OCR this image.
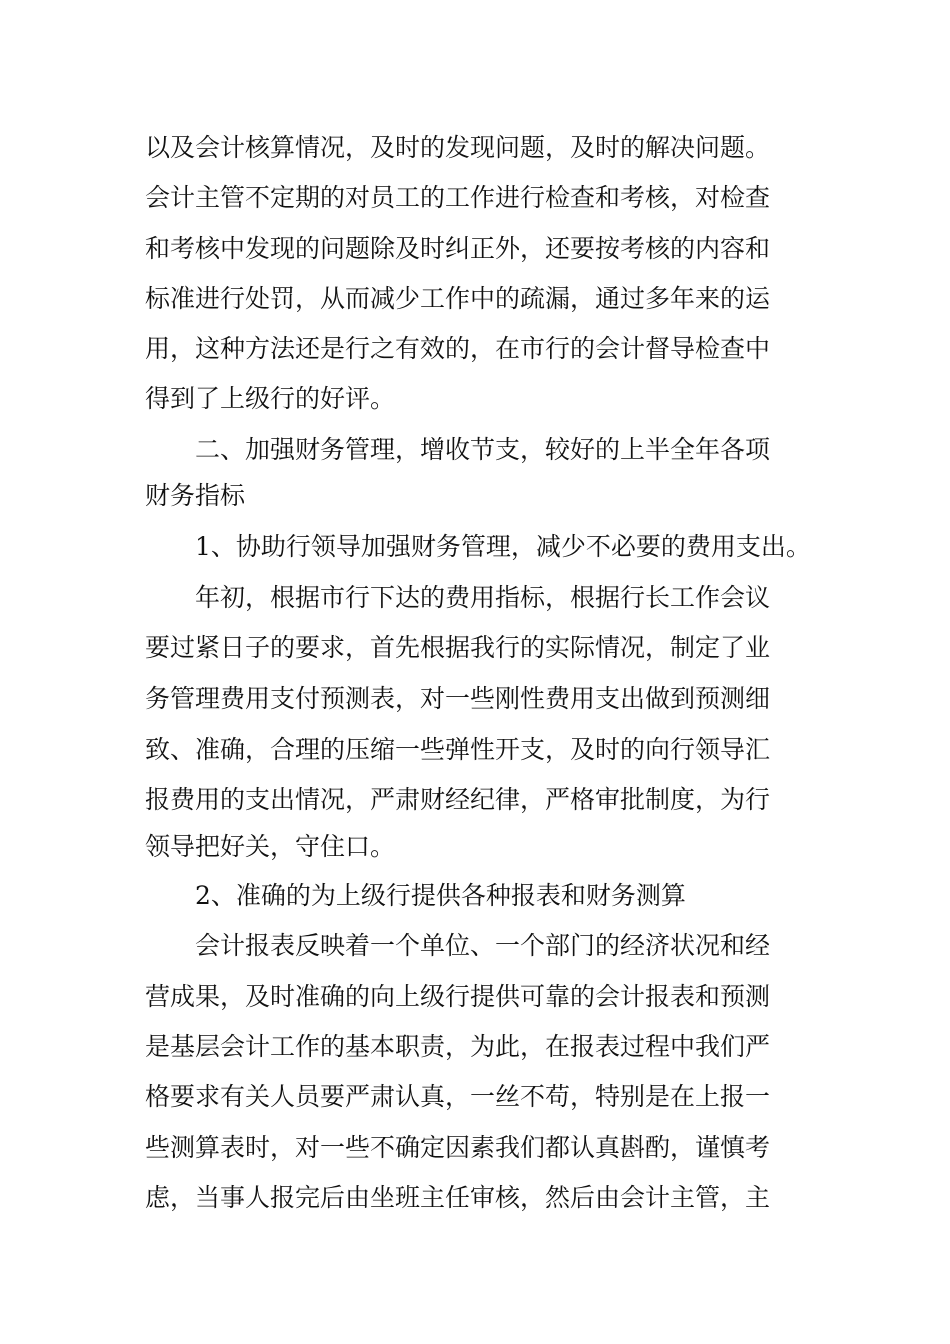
以及会计核算情况，及时的发现问题，及时的解决问题。
会计主管不定期的对员工的工作进行检查和考核，对检查
和考核中发现的问题除及时纠正外，还要按考核的内容和
标准进行处罚，从而减少工作中的疏漏，通过多年来的运
用，这种方法还是行之有效的，在市行的会计督导检查中
得到了上级行的好评。
二、加强财务管理，增收节支，较好的上半全年各项
财务指标
1、协助行领导加强财务管理，减少不必要的费用支出。
年初，根据市行下达的费用指标，根据行长工作会议
要过紧日子的要求，首先根据我行的实际情况，制定了业
务管理费用支付预测表，对一些刚性费用支出做到预测细
致、准确，合理的压缩一些弹性开支，及时的向行领导汇
报费用的支出情况，严肃财经纪律，严格审批制度，为行
领导把好关，守住口。
2、准确的为上级行提供各种报表和财务测算
会计报表反映着一个单位、一个部门的经济状况和经
营成果，及时准确的向上级行提供可靠的会计报表和预测
是基层会计工作的基本职责，为此，在报表过程中我们严
格要求有关人员要严肃认真，一丝不苟，特别是在上报一
些测算表时，对一些不确定因素我们都认真斟酌，谨慎考
虑，当事人报完后由坐班主任审核，然后由会计主管，主
